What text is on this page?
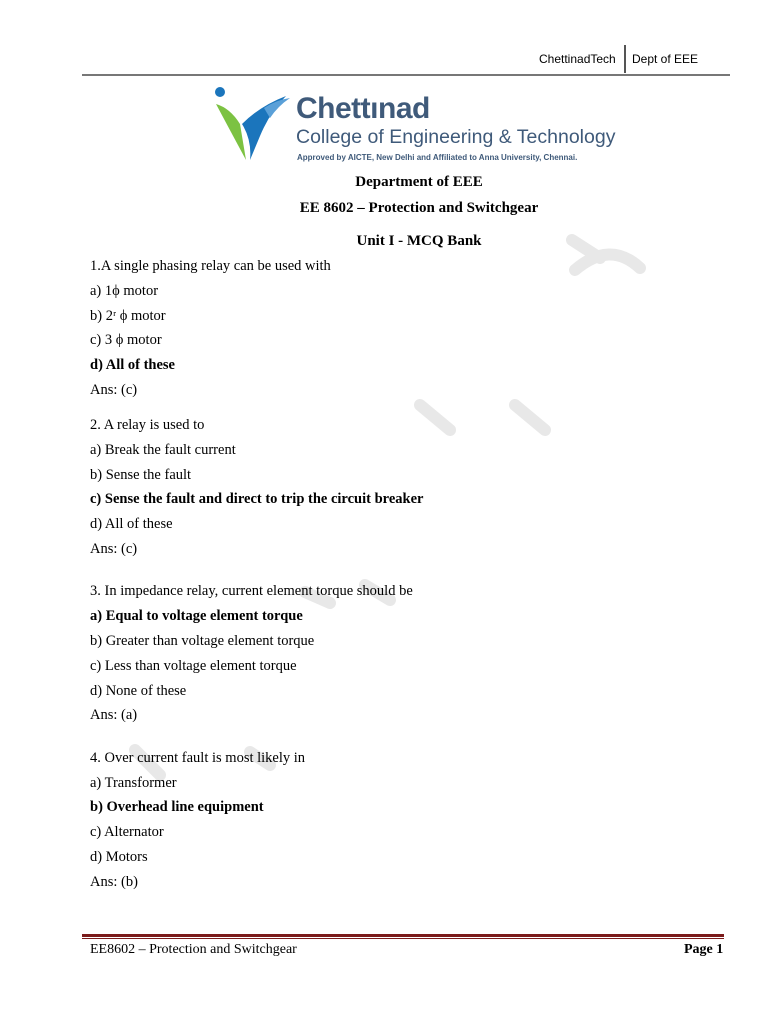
ChettinadTech Dept of EEE
Chettınad
College of Engineering & Technology
Approved by AICTE, New Delhi and Affiliated to Anna University, Chennai.
Department of EEE
EE 8602 – Protection and Switchgear
Unit I - MCQ Bank
1.A single phasing relay can be used with
a) 1ϕ motor
b) 2ʳ ϕ motor
c) 3 ϕ motor
d) All of these
Ans: (c)
2. A relay is used to
a) Break the fault current
b) Sense the fault
c) Sense the fault and direct to trip the circuit breaker
d) All of these
Ans: (c)
3. In impedance relay, current element torque should be
a) Equal to voltage element torque
b) Greater than voltage element torque
c) Less than voltage element torque
d) None of these
Ans: (a)
4. Over current fault is most likely in
a) Transformer
b) Overhead line equipment
c) Alternator
d) Motors
Ans: (b)
EE8602 – Protection and Switchgear	Page 1
